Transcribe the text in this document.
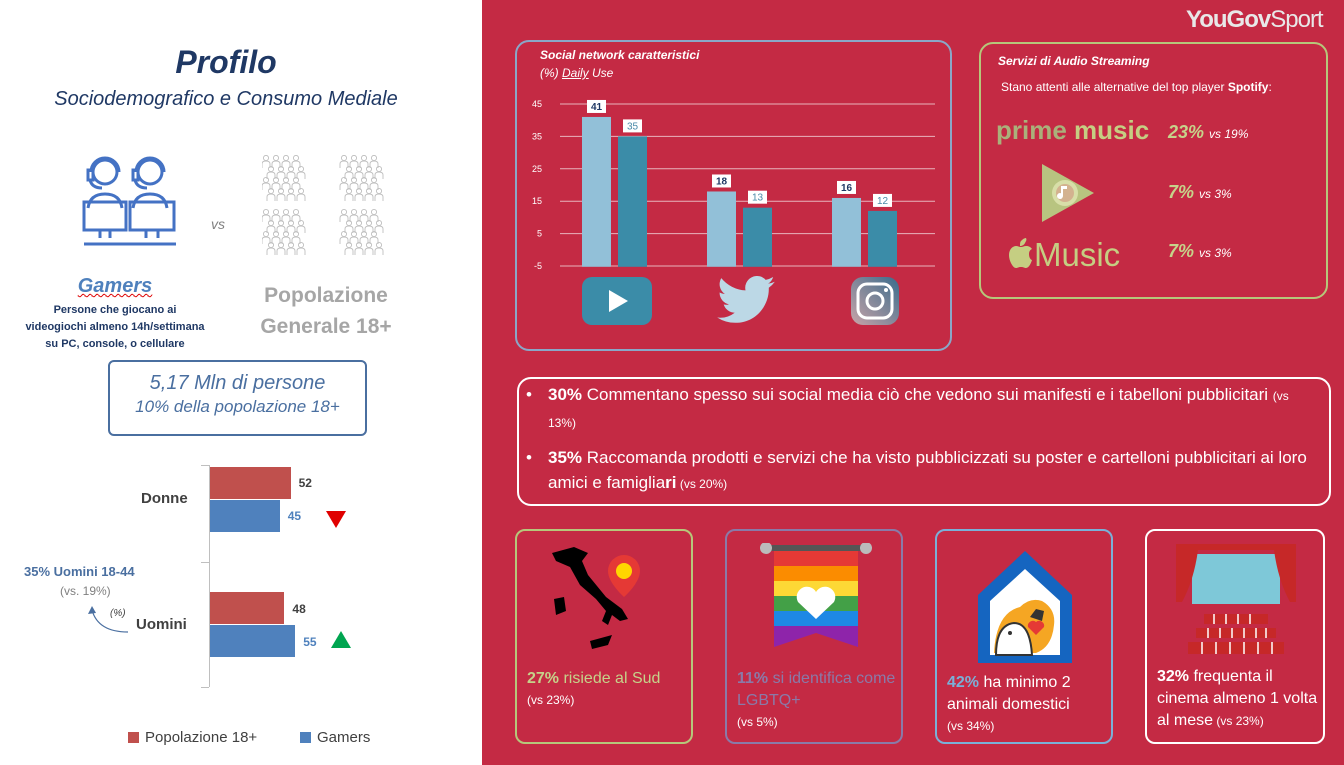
Profilo
Sociodemografico e Consumo Mediale
vs
Gamers
Persone che giocano ai videogiochi almeno 14h/settimana su PC, console, o cellulare
Popolazione
Generale 18+
5,17 Mln di persone
10% della popolazione 18+
Donne
Uomini
52
45
48
55
35% Uomini 18-44
(vs. 19%)
(%)
Popolazione 18+	Gamers
YouGovSport
Social network caratteristici
(%) Daily Use
45
35
25
15
5
-5
41
35
18
13
16
12
Servizi di Audio Streaming
Stano attenti alle alternative del top player Spotify:
prime music
Music
23% vs 19%
7% vs 3%
7% vs 3%
• 30% Commentano spesso sui social media ciò che vedono sui manifesti e i tabelloni pubblicitari (vs 13%)
• 35% Raccomanda prodotti e servizi che ha visto pubblicizzati su poster e cartelloni pubblicitari ai loro amici e famigliari (vs 20%)
27% risiede al Sud
(vs 23%)
11% si identifica come LGBTQ+
(vs 5%)
42% ha minimo 2 animali domestici
(vs 34%)
32% frequenta il cinema almeno 1 volta al mese (vs 23%)
